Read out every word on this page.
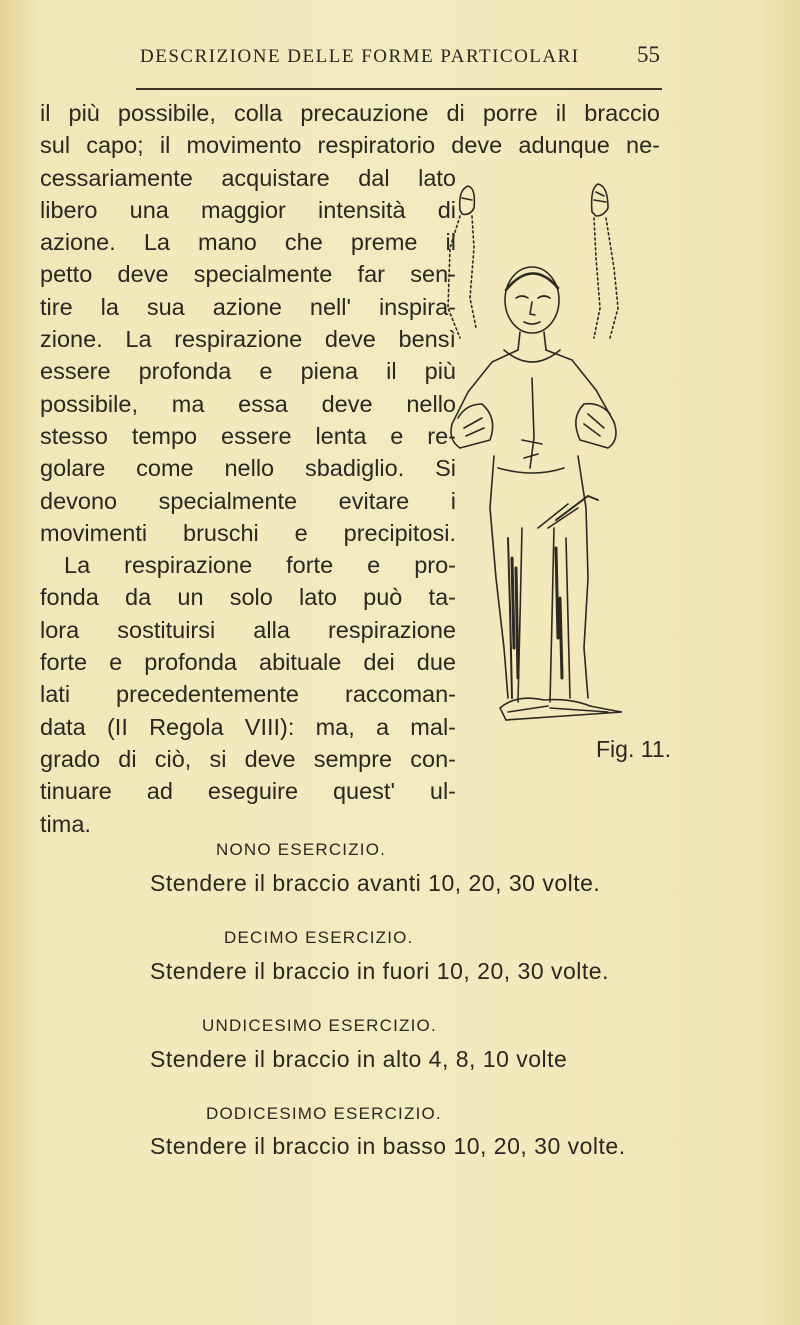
DESCRIZIONE DELLE FORME PARTICOLARI 55
il più possibile, colla precauzione di porre il braccio
sul capo; il movimento respiratorio deve adunque ne-
cessariamente acquistare dal lato
libero una maggior intensità di
azione. La mano che preme il
petto deve specialmente far sen-
tire la sua azione nell' inspira-
zione. La respirazione deve bensì
essere profonda e piena il più
possibile, ma essa deve nello
stesso tempo essere lenta e re-
golare come nello sbadiglio. Si
devono specialmente evitare i
movimenti bruschi e precipitosi.
La respirazione forte e pro-
fonda da un solo lato può ta-
lora sostituirsi alla respirazione
forte e profonda abituale dei due
lati precedentemente raccoman-
data (II Regola VIII): ma, a mal-
grado di ciò, si deve sempre con-
tinuare ad eseguire quest' ul-
tima.
Fig. 11.
NONO ESERCIZIO.
Stendere il braccio avanti 10, 20, 30 volte.
DECIMO ESERCIZIO.
Stendere il braccio in fuori 10, 20, 30 volte.
UNDICESIMO ESERCIZIO.
Stendere il braccio in alto 4, 8, 10 volte
DODICESIMO ESERCIZIO.
Stendere il braccio in basso 10, 20, 30 volte.
